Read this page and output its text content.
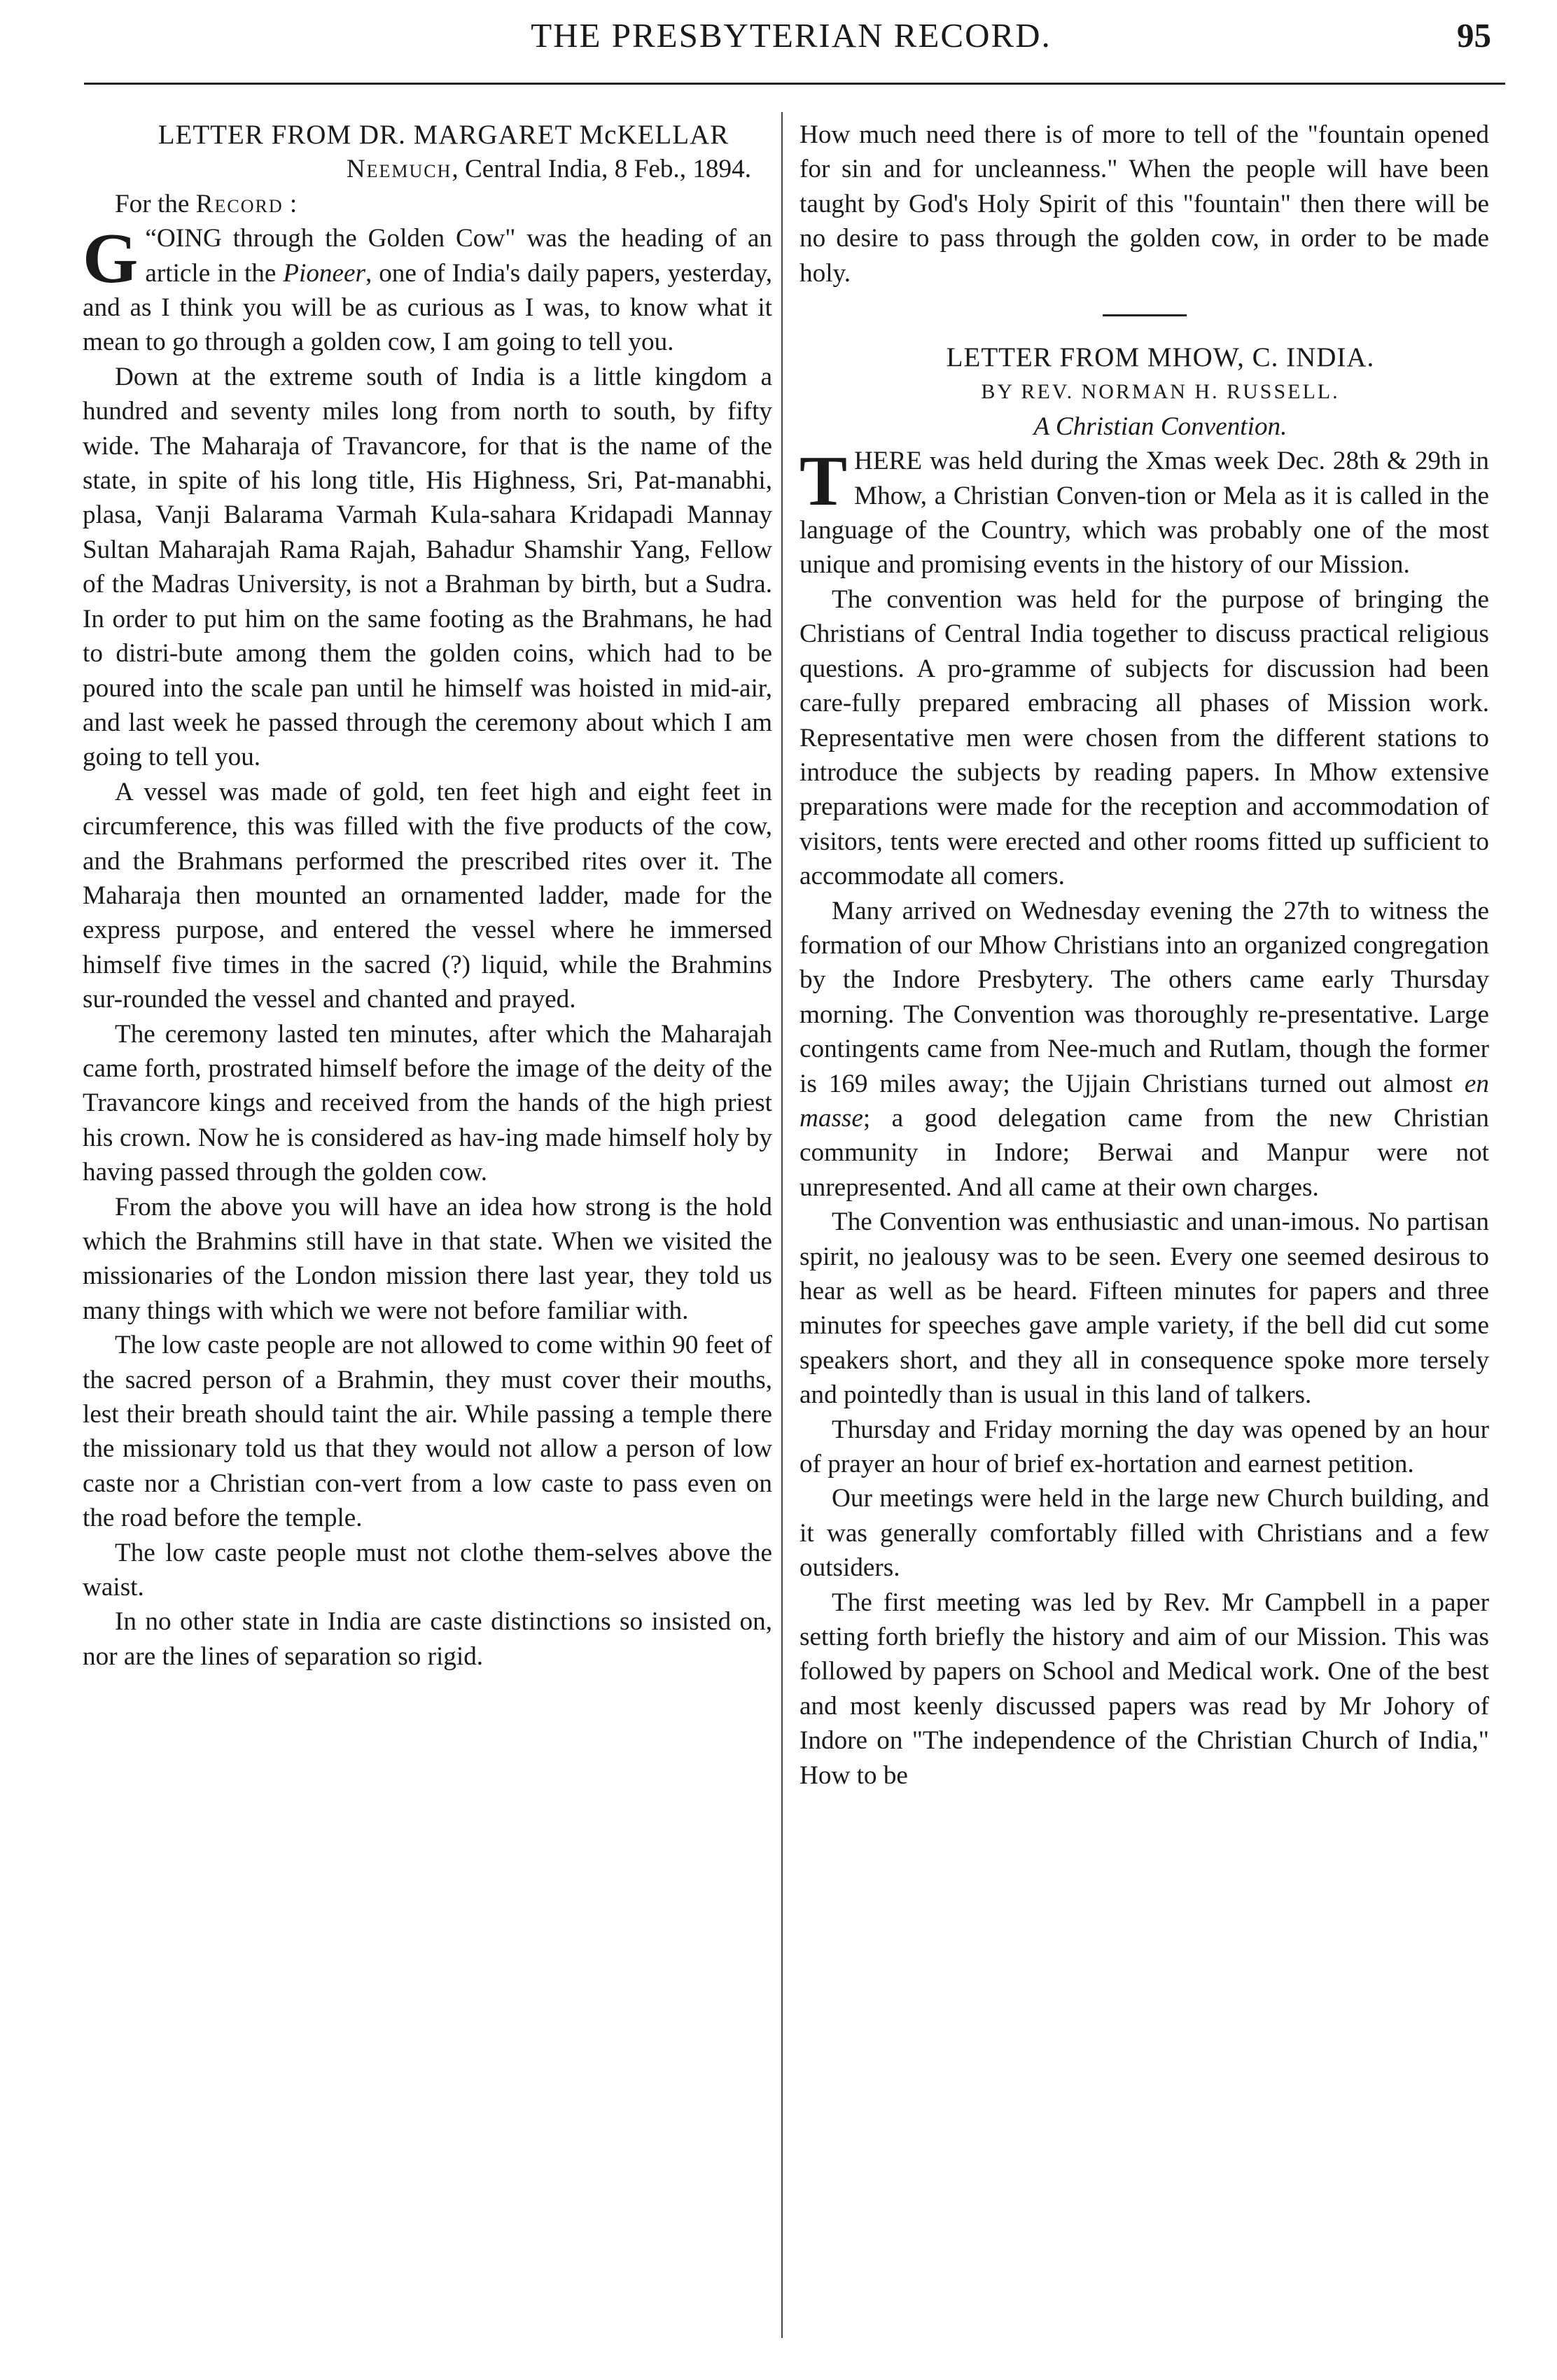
THE PRESBYTERIAN RECORD.	95

LETTER FROM DR. MARGARET McKELLAR

Neemuch, Central India, 8 Feb., 1894.

For the Record :

“
G OING through the Golden Cow" was the heading of an article in the Pioneer, one of India's daily papers, yesterday, and as I think you will be as curious as I was, to know what it mean to go through a golden cow, I am going to tell you.

Down at the extreme south of India is a little kingdom a hundred and seventy miles long from north to south, by fifty wide. The Maharaja of Travancore, for that is the name of the state, in spite of his long title, His Highness, Sri, Pat-manabhi, plasa, Vanji Balarama Varmah Kula-sahara Kridapadi Mannay Sultan Maharajah Rama Rajah, Bahadur Shamshir Yang, Fellow of the Madras University, is not a Brahman by birth, but a Sudra. In order to put him on the same footing as the Brahmans, he had to distri-bute among them the golden coins, which had to be poured into the scale pan until he himself was hoisted in mid-air, and last week he passed through the ceremony about which I am going to tell you.

A vessel was made of gold, ten feet high and eight feet in circumference, this was filled with the five products of the cow, and the Brahmans performed the prescribed rites over it. The Maharaja then mounted an ornamented ladder, made for the express purpose, and entered the vessel where he immersed himself five times in the sacred (?) liquid, while the Brahmins sur-rounded the vessel and chanted and prayed.

The ceremony lasted ten minutes, after which the Maharajah came forth, prostrated himself before the image of the deity of the Travancore kings and received from the hands of the high priest his crown. Now he is considered as hav-ing made himself holy by having passed through the golden cow.

From the above you will have an idea how strong is the hold which the Brahmins still have in that state. When we visited the missionaries of the London mission there last year, they told us many things with which we were not before familiar with.

The low caste people are not allowed to come within 90 feet of the sacred person of a Brahmin, they must cover their mouths, lest their breath should taint the air. While passing a temple there the missionary told us that they would not allow a person of low caste nor a Christian con-vert from a low caste to pass even on the road before the temple.

The low caste people must not clothe them-selves above the waist.

In no other state in India are caste distinctions so insisted on, nor are the lines of separation so rigid.

How much need there is of more to tell of the "fountain opened for sin and for uncleanness." When the people will have been taught by God's Holy Spirit of this "fountain" then there will be no desire to pass through the golden cow, in order to be made holy.

LETTER FROM MHOW, C. INDIA.

BY REV. NORMAN H. RUSSELL.

A Christian Convention.

THERE was held during the Xmas week Dec. 28th & 29th in Mhow, a Christian Conven-tion or Mela as it is called in the language of the Country, which was probably one of the most unique and promising events in the history of our Mission.

The convention was held for the purpose of bringing the Christians of Central India together to discuss practical religious questions. A pro-gramme of subjects for discussion had been care-fully prepared embracing all phases of Mission work. Representative men were chosen from the different stations to introduce the subjects by reading papers. In Mhow extensive preparations were made for the reception and accommodation of visitors, tents were erected and other rooms fitted up sufficient to accommodate all comers.

Many arrived on Wednesday evening the 27th to witness the formation of our Mhow Christians into an organized congregation by the Indore Presbytery. The others came early Thursday morning. The Convention was thoroughly re-presentative. Large contingents came from Nee-much and Rutlam, though the former is 169 miles away; the Ujjain Christians turned out almost en masse; a good delegation came from the new Christian community in Indore; Berwai and Manpur were not unrepresented. And all came at their own charges.

The Convention was enthusiastic and unan-imous. No partisan spirit, no jealousy was to be seen. Every one seemed desirous to hear as well as be heard. Fifteen minutes for papers and three minutes for speeches gave ample variety, if the bell did cut some speakers short, and they all in consequence spoke more tersely and pointedly than is usual in this land of talkers.

Thursday and Friday morning the day was opened by an hour of prayer an hour of brief ex-hortation and earnest petition.

Our meetings were held in the large new Church building, and it was generally comfortably filled with Christians and a few outsiders.

The first meeting was led by Rev. Mr Campbell in a paper setting forth briefly the history and aim of our Mission. This was followed by papers on School and Medical work. One of the best and most keenly discussed papers was read by Mr Johory of Indore on "The independence of the Christian Church of India," How to be
